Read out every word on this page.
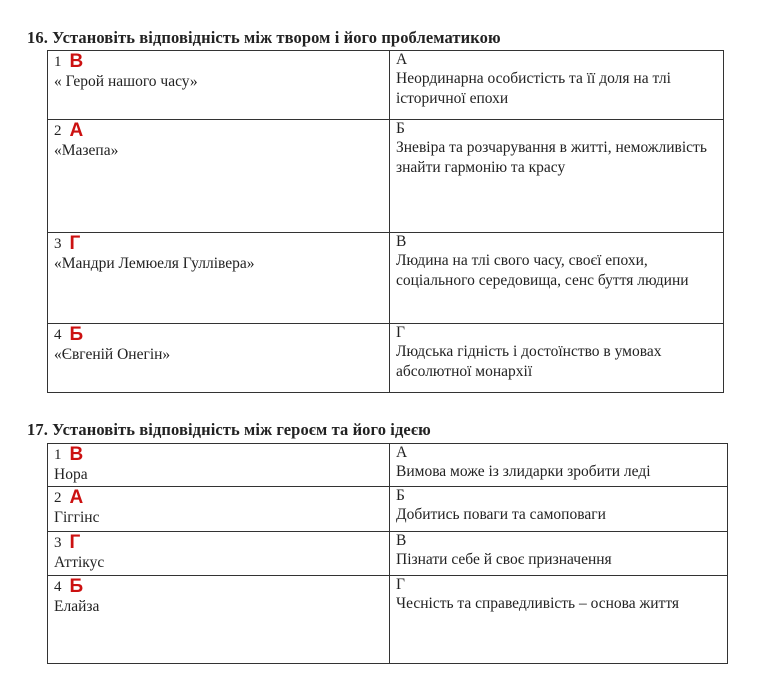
16. Установіть відповідність між твором і його проблематикою
1 В
« Герой нашого часу»	А
Неординарна особистість та її доля на тлі історичної епохи

2 А
«Мазепа»	Б
Зневіра та розчарування в житті, неможливість знайти гармонію та красу

3 Г
«Мандри Лемюеля Гуллівера»	В
Людина на тлі свого часу, своєї епохи, соціального середовища, сенс буття людини

4 Б
«Євгеній Онегін»	Г
Людська гідність і достоїнство в умовах абсолютної монархії
17. Установіть відповідність між героєм та його ідеєю
1 В
Нора	А
Вимова може із злидарки зробити леді

2 А
Гіггінс	Б
Добитись поваги та самоповаги

3 Г
Аттікус	В
Пізнати себе й своє призначення

4 Б
Елайза	Г
Чесність та справедливість – основа життя
